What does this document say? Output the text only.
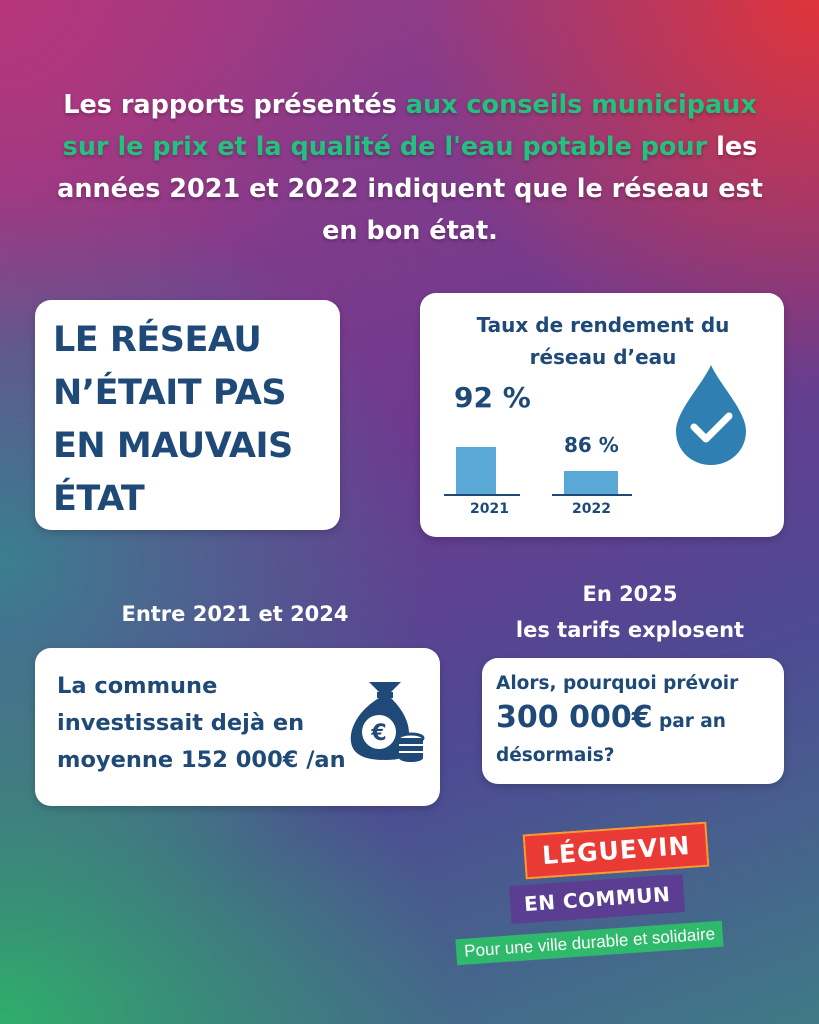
Les rapports présentés aux conseils municipaux sur le prix et la qualité de l'eau potable pour les années 2021 et 2022 indiquent que le réseau est en bon état.
LE RÉSEAU
N’ÉTAIT PAS
EN MAUVAIS
ÉTAT
Taux de rendement du réseau d’eau
92 %
86 %
2021	2022
Entre 2021 et 2024
En 2025
les tarifs explosent
La commune
investissait dejà en
moyenne 152 000€ /an
€
Alors, pourquoi prévoir
300 000€ par an
désormais?
LÉGUEVIN
EN COMMUN
Pour une ville durable et solidaire
